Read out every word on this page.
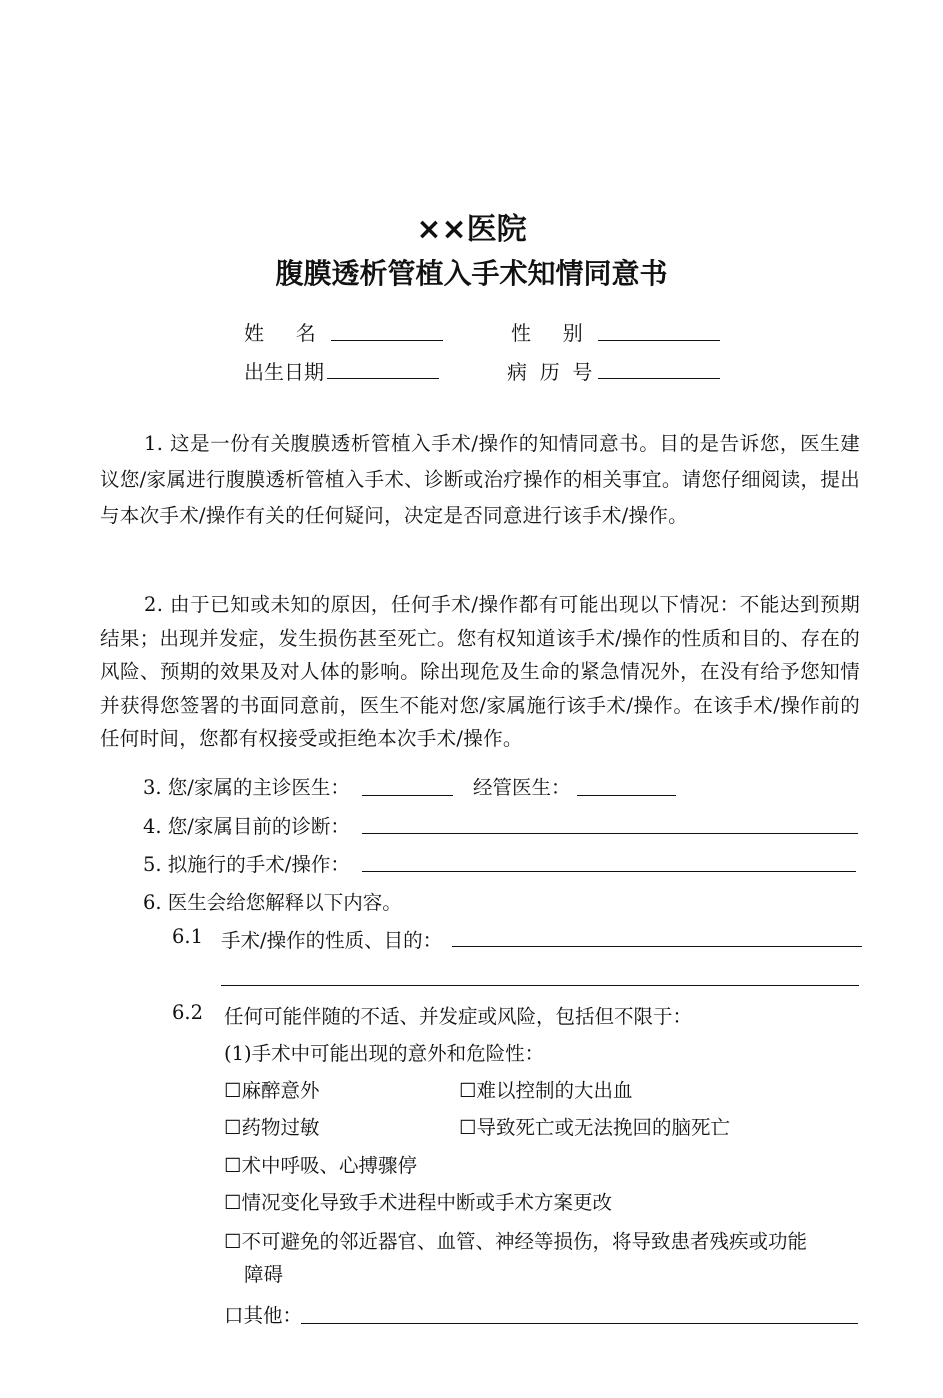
××医院
腹膜透析管植入手术知情同意书
姓     名	性     别
出生日期	病  历  号
1. 这是一份有关腹膜透析管植入手术/操作的知情同意书。目的是告诉您，医生建议您/家属进行腹膜透析管植入手术、诊断或治疗操作的相关事宜。请您仔细阅读，提出与本次手术/操作有关的任何疑问，决定是否同意进行该手术/操作。
2. 由于已知或未知的原因，任何手术/操作都有可能出现以下情况：不能达到预期结果；出现并发症，发生损伤甚至死亡。您有权知道该手术/操作的性质和目的、存在的风险、预期的效果及对人体的影响。除出现危及生命的紧急情况外，在没有给予您知情并获得您签署的书面同意前，医生不能对您/家属施行该手术/操作。在该手术/操作前的任何时间，您都有权接受或拒绝本次手术/操作。
3. 您/家属的主诊医生：	经管医生：
4. 您/家属目前的诊断：
5. 拟施行的手术/操作：
6. 医生会给您解释以下内容。
6.1 手术/操作的性质、目的：
6.2 任何可能伴随的不适、并发症或风险，包括但不限于：
(1)手术中可能出现的意外和危险性：
☐麻醉意外	☐难以控制的大出血
☐药物过敏	☐导致死亡或无法挽回的脑死亡
☐术中呼吸、心搏骤停
☐情况变化导致手术进程中断或手术方案更改
☐不可避免的邻近器官、血管、神经等损伤，将导致患者残疾或功能
障碍
口其他：
